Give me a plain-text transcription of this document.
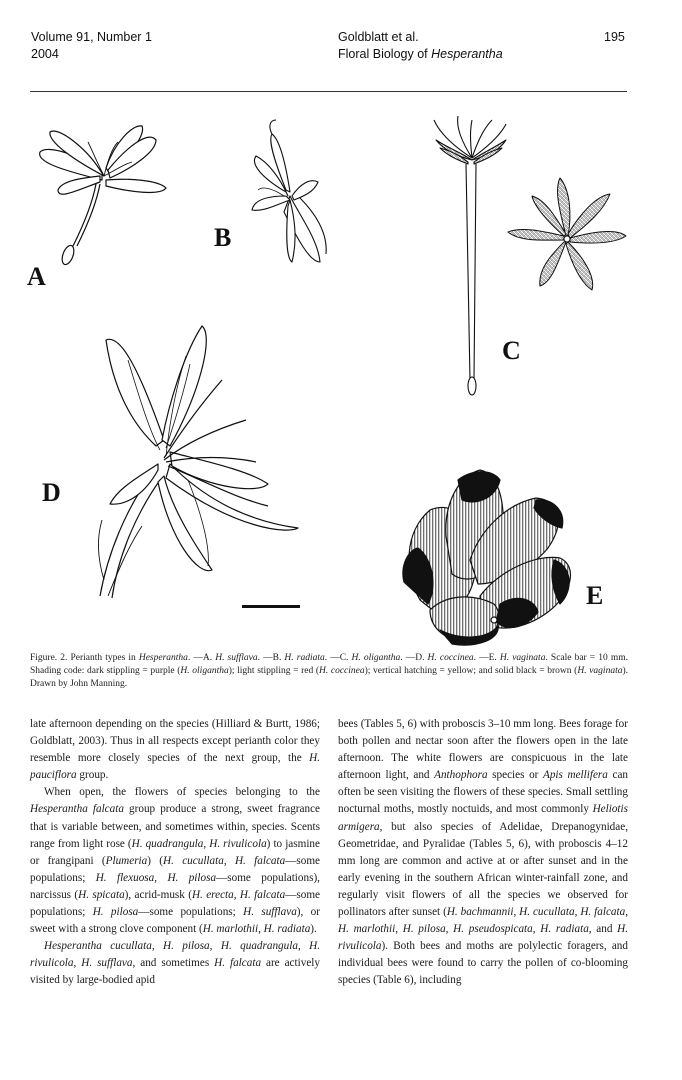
Volume 91, Number 1
2004
Goldblatt et al.
Floral Biology of Hesperantha
195
A
B
C
D
E
Figure. 2. Perianth types in Hesperantha. —A. H. sufflava. —B. H. radiata. —C. H. oligantha. —D. H. coccinea. —E. H. vaginata. Scale bar = 10 mm. Shading code: dark stippling = purple (H. oligantha); light stippling = red (H. coccinea); vertical hatching = yellow; and solid black = brown (H. vaginata). Drawn by John Manning.

late afternoon depending on the species (Hilliard & Burtt, 1986; Goldblatt, 2003). Thus in all respects except perianth color they resemble more closely species of the next group, the H. pauciflora group.

When open, the flowers of species belonging to the Hesperantha falcata group produce a strong, sweet fragrance that is variable between, and sometimes within, species. Scents range from light rose (H. quadrangula, H. rivulicola) to jasmine or frangipani (Plumeria) (H. cucullata, H. falcata—some populations; H. flexuosa, H. pilosa—some populations), narcissus (H. spicata), acrid-musk (H. erecta, H. falcata—some populations; H. pilosa—some populations; H. sufflava), or sweet with a strong clove component (H. marlothii, H. radiata).

Hesperantha cucullata, H. pilosa, H. quadrangula, H. rivulicola, H. sufflava, and sometimes H. falcata are actively visited by large-bodied apid

bees (Tables 5, 6) with proboscis 3–10 mm long. Bees forage for both pollen and nectar soon after the flowers open in the late afternoon. The white flowers are conspicuous in the late afternoon light, and Anthophora species or Apis mellifera can often be seen visiting the flowers of these species. Small settling nocturnal moths, mostly noctuids, and most commonly Heliotis armigera, but also species of Adelidae, Drepanogynidae, Geometridae, and Pyralidae (Tables 5, 6), with proboscis 4–12 mm long are common and active at or after sunset and in the early evening in the southern African winter-rainfall zone, and regularly visit flowers of all the species we observed for pollinators after sunset (H. bachmannii, H. cucullata, H. falcata, H. marlothii, H. pilosa, H. pseudospicata, H. radiata, and H. rivulicola). Both bees and moths are polylectic foragers, and individual bees were found to carry the pollen of co-blooming species (Table 6), including
